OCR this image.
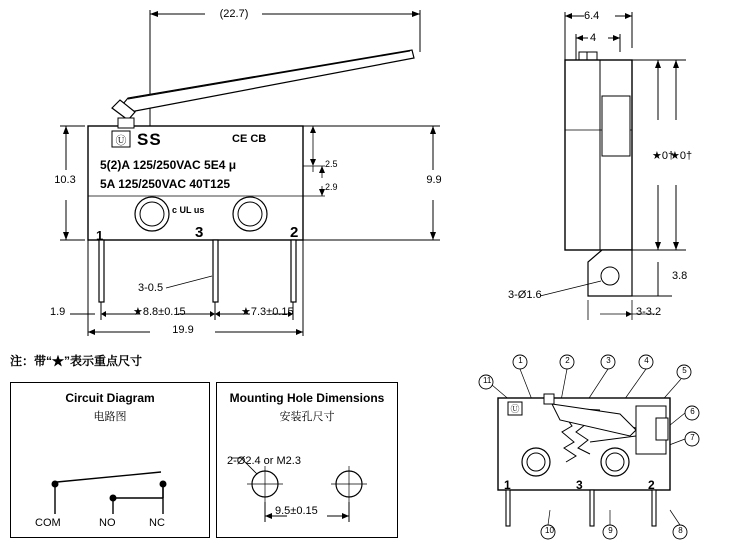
Ⓤ
(22.7)
10.3	9.9
2.5
2.9
1.9	★8.8±0.15	★7.3±0.15
19.9
3-0.5
SS	CE CB
5(2)A 125/250VAC 5E4 μ
5A 125/250VAC 40T125
c UL us
1	3	2
6.4
4
★0†
★0†
3.8
3-Ø1.6
3-3.2
注：带“★”表示重点尺寸
Circuit Diagram
电路图
COM	NO	NC
Mounting Hole Dimensions
安装孔尺寸
2-Ø2.4 or M2.3
9.5±0.15
Ⓤ
1	2	3	4
5
6
7
8
9
10
11
1	3	2
